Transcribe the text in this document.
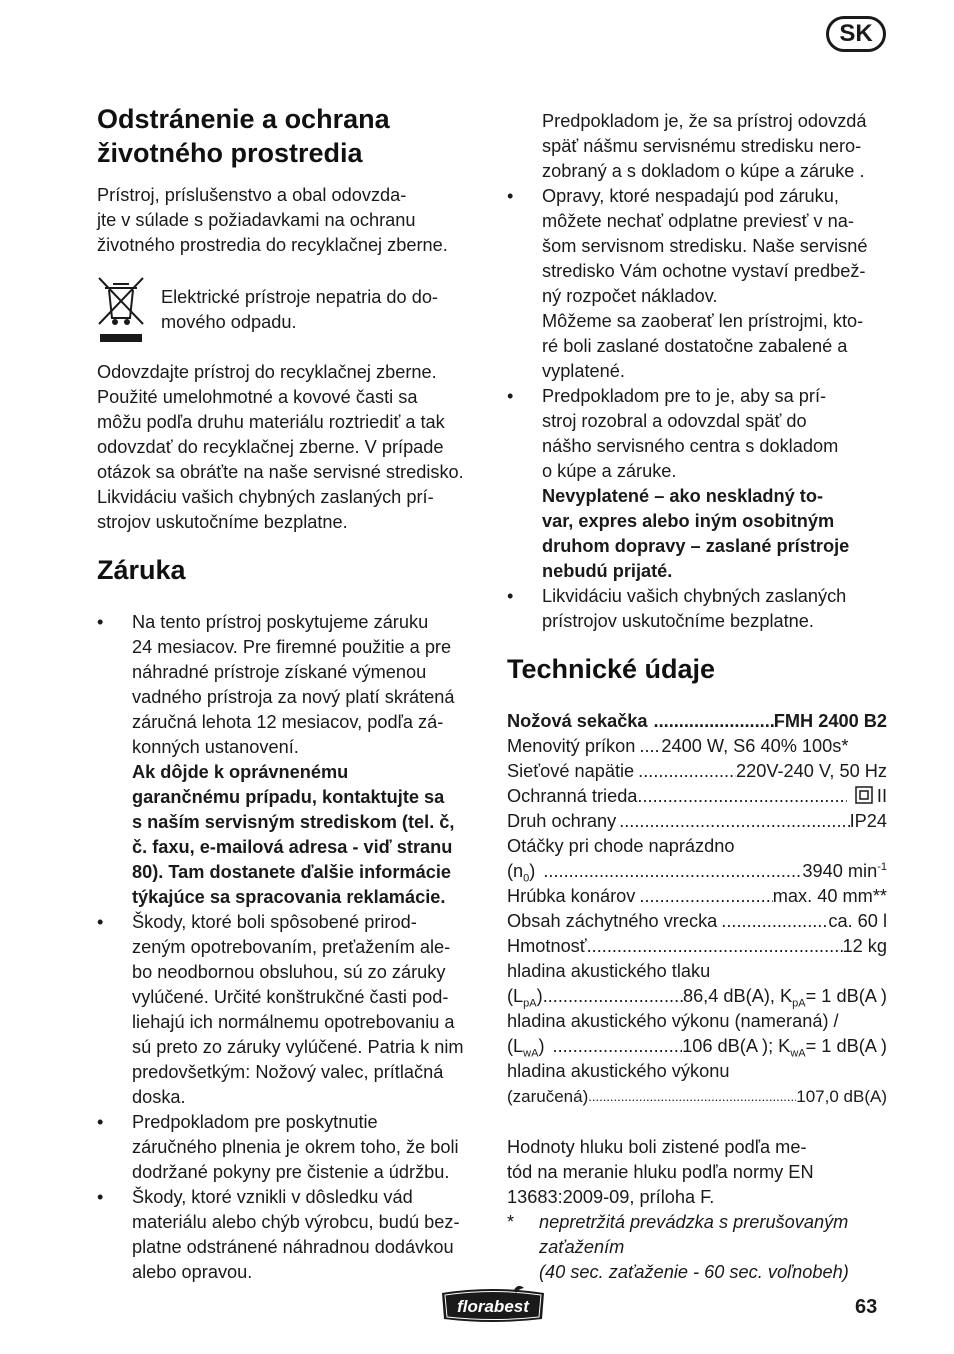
SK
Odstránenie a ochrana
životného prostredia

Prístroj, príslušenstvo a obal odovzda-

jte v súlade s požiadavkami na ochranu

životného prostredia do recyklačnej zberne.

Elektrické prístroje nepatria do do-

mového odpadu.

Odovzdajte prístroj do recyklačnej zberne.

Použité umelohmotné a kovové časti sa

môžu podľa druhu materiálu roztriediť a tak

odovzdať do recyklačnej zberne. V prípade

otázok sa obráťte na naše servisné stredisko.

Likvidáciu vašich chybných zaslaných prí-

strojov uskutočníme bezplatne.

Záruka
•	Na tento prístroj poskytujeme záruku

24 mesiacov. Pre firemné použitie a pre

náhradné prístroje získané výmenou

vadného prístroja za nový platí skrátená

záručná lehota 12 mesiacov, podľa zá-

konných ustanovení.

Ak dôjde k oprávnenému

garančnému prípadu, kontaktujte sa

s naším servisným strediskom (tel. č,

č. faxu, e-mailová adresa - viď stranu

80). Tam dostanete ďalšie informácie

týkajúce sa spracovania reklamácie.

•	Škody, ktoré boli spôsobené prirod-

zeným opotrebovaním, preťažením ale-

bo neodbornou obsluhou, sú zo záruky

vylúčené. Určité konštrukčné časti pod-

liehajú ich normálnemu opotrebovaniu a

sú preto zo záruky vylúčené. Patria k nim

predovšetkým: Nožový valec, prítlačná

doska.

•	Predpokladom pre poskytnutie

záručného plnenia je okrem toho, že boli

dodržané pokyny pre čistenie a údržbu.

•	Škody, ktoré vznikli v dôsledku vád

materiálu alebo chýb výrobcu, budú bez-

platne odstránené náhradnou dodávkou

alebo opravou.

Predpokladom je, že sa prístroj odovzdá

späť nášmu servisnému stredisku nero-

zobraný a s dokladom o kúpe a záruke .

•	Opravy, ktoré nespadajú pod záruku,

môžete nechať odplatne previesť v na-

šom servisnom stredisku. Naše servisné

stredisko Vám ochotne vystaví predbež-

ný rozpočet nákladov.

Môžeme sa zaoberať len prístrojmi, kto-

ré boli zaslané dostatočne zabalené a

vyplatené.

•	Predpokladom pre to je, aby sa prí-

stroj rozobral a odovzdal späť do

nášho servisného centra s dokladom

o kúpe a záruke.

Nevyplatené – ako neskladný to-

var, expres alebo iným osobitným

druhom dopravy – zaslané prístroje

nebudú prijaté.

•	Likvidáciu vašich chybných zaslaných

prístrojov uskutočníme bezplatne.

Technické údaje
Nožová sekačka .....	FMH 2400 B2
Menovitý príkon ..... 2400 W, S6 40% 100s*
Sieťové napätie .....	220V-240 V, 50 Hz
Ochranná trieda .....	II
Druh ochrany .....	IP24
Otáčky pri chode naprázdno
$(n_0)$ .....	3940 $\min^{-1}$
Hrúbka konárov .....	max. 40 mm**
Obsah záchytného vrecka .....	ca. 60 l
Hmotnosť .....	12 kg
hladina akustického tlaku
$(L_{pA})$ .....	86,4 dB(A), $K_{pA}= 1$ dB(A )
hladina akustického výkonu (nameraná) /
$(L_{wA})$ .....	106 dB(A ); $K_{wA}= 1$ dB(A )
hladina akustického výkonu
(zaručená) .....	107,0 dB(A)

Hodnoty hluku boli zistené podľa me-

tód na meranie hluku podľa normy EN

13683:2009-09, príloha F.

*	nepretržitá prevádzka s prerušovaným

zaťažením

(40 sec. zaťaženie - 60 sec. voľnobeh)

florabest	63
